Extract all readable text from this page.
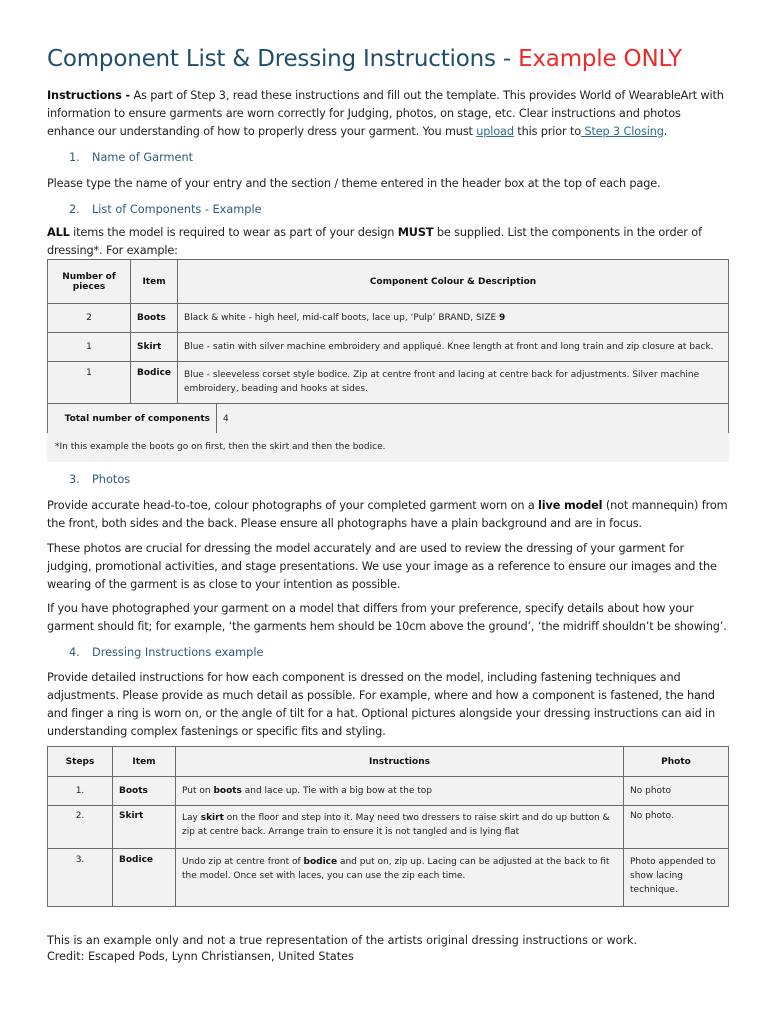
Component List & Dressing Instructions - Example ONLY

Instructions - As part of Step 3, read these instructions and fill out the template. This provides World of WearableArt with information to ensure garments are worn correctly for Judging, photos, on stage, etc. Clear instructions and photos enhance our understanding of how to properly dress your garment. You must upload this prior to Step 3 Closing.

1. Name of Garment

Please type the name of your entry and the section / theme entered in the header box at the top of each page.

2. List of Components - Example

ALL items the model is required to wear as part of your design MUST be supplied. List the components in the order of dressing*. For example:

Number of pieces	Item	Component Colour & Description
2	Boots	Black & white - high heel, mid-calf boots, lace up, ‘Pulp’ BRAND, SIZE 9
1	Skirt	Blue - satin with silver machine embroidery and appliqué. Knee length at front and long train and zip closure at back.
1	Bodice	Blue - sleeveless corset style bodice. Zip at centre front and lacing at centre back for adjustments. Silver machine embroidery, beading and hooks at sides.
Total number of components	4
*In this example the boots go on first, then the skirt and then the bodice.
3. Photos

Provide accurate head-to-toe, colour photographs of your completed garment worn on a live model (not mannequin) from the front, both sides and the back. Please ensure all photographs have a plain background and are in focus.

These photos are crucial for dressing the model accurately and are used to review the dressing of your garment for judging, promotional activities, and stage presentations. We use your image as a reference to ensure our images and the wearing of the garment is as close to your intention as possible.

If you have photographed your garment on a model that differs from your preference, specify details about how your garment should fit; for example, ‘the garments hem should be 10cm above the ground’, ‘the midriff shouldn’t be showing’.

4. Dressing Instructions example

Provide detailed instructions for how each component is dressed on the model, including fastening techniques and adjustments. Please provide as much detail as possible. For example, where and how a component is fastened, the hand and finger a ring is worn on, or the angle of tilt for a hat. Optional pictures alongside your dressing instructions can aid in understanding complex fastenings or specific fits and styling.

Steps	Item	Instructions	Photo
1.	Boots	Put on boots and lace up. Tie with a big bow at the top	No photo
2.	Skirt	Lay skirt on the floor and step into it. May need two dressers to raise skirt and do up button & zip at centre back. Arrange train to ensure it is not tangled and is lying flat	No photo.
3.	Bodice	Undo zip at centre front of bodice and put on, zip up. Lacing can be adjusted at the back to fit the model. Once set with laces, you can use the zip each time.	Photo appended to show lacing technique.
This is an example only and not a true representation of the artists original dressing instructions or work.
Credit: Escaped Pods, Lynn Christiansen, United States
